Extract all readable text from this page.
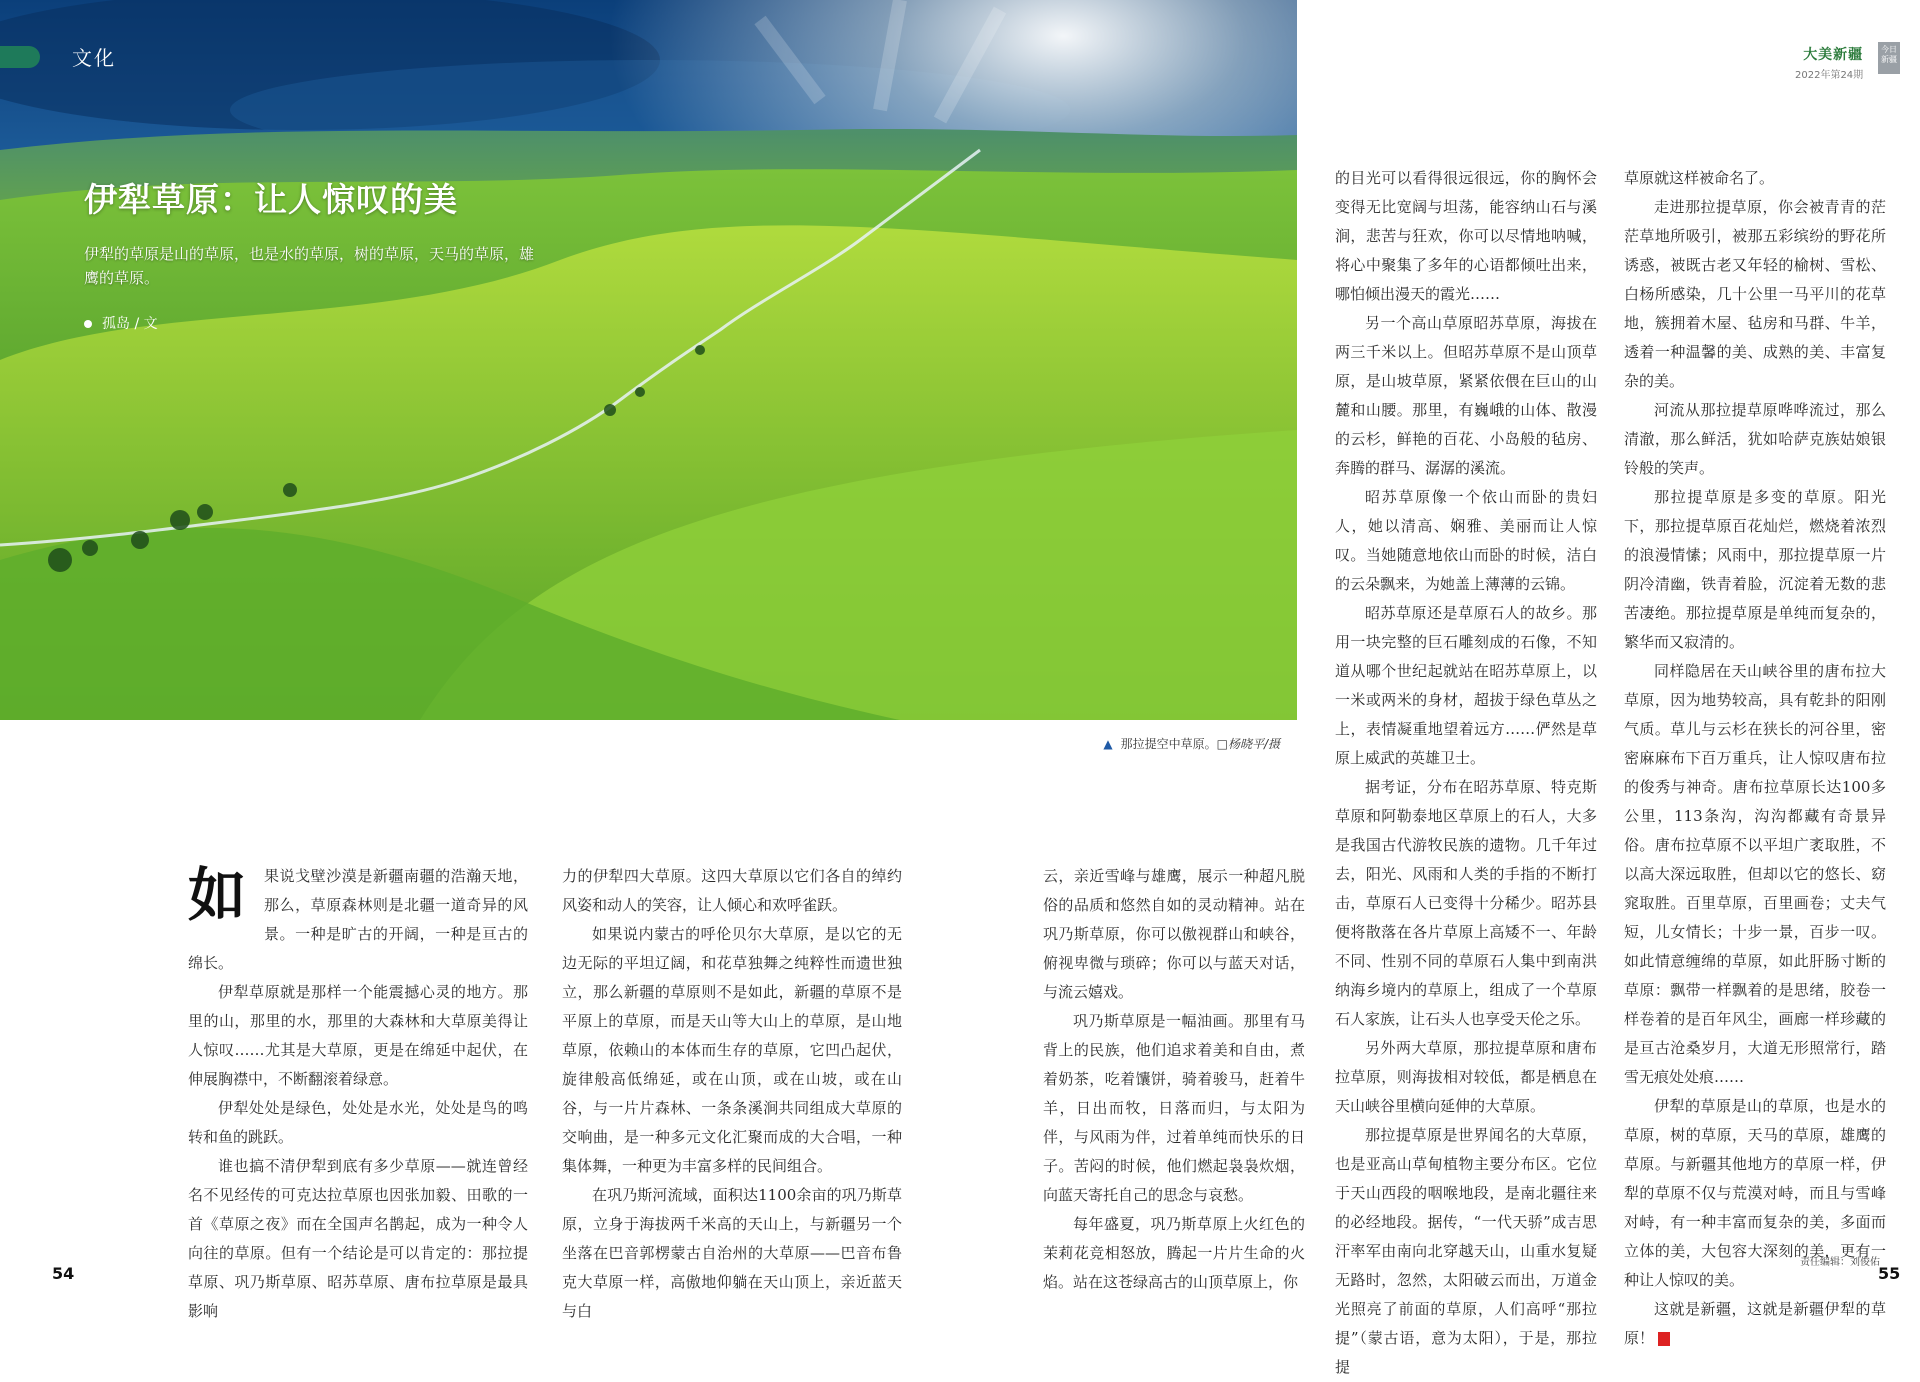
文化
伊犁草原：让人惊叹的美

伊犁的草原是山的草原，也是水的草原，树的草原，天马的草原，雄鹰的草原。

孤岛 / 文
▲ 那拉提空中草原。□杨晓平/摄
大美新疆
2022年第24期
今日新疆
如	果说戈壁沙漠是新疆南疆的浩瀚天地，那么，草原森林则是北疆一道奇异的风景。一种是旷古的开阔，一种是亘古的绵长。

伊犁草原就是那样一个能震撼心灵的地方。那里的山，那里的水，那里的大森林和大草原美得让人惊叹……尤其是大草原，更是在绵延中起伏，在伸展胸襟中，不断翻滚着绿意。

伊犁处处是绿色，处处是水光，处处是鸟的鸣转和鱼的跳跃。

谁也搞不清伊犁到底有多少草原——就连曾经名不见经传的可克达拉草原也因张加毅、田歌的一首《草原之夜》而在全国声名鹊起，成为一种令人向往的草原。但有一个结论是可以肯定的：那拉提草原、巩乃斯草原、昭苏草原、唐布拉草原是最具影响

力的伊犁四大草原。这四大草原以它们各自的绰约风姿和动人的笑容，让人倾心和欢呼雀跃。

如果说内蒙古的呼伦贝尔大草原，是以它的无边无际的平坦辽阔，和花草独舞之纯粹性而遗世独立，那么新疆的草原则不是如此，新疆的草原不是平原上的草原，而是天山等大山上的草原，是山地草原，依赖山的本体而生存的草原，它凹凸起伏，旋律般高低绵延，或在山顶，或在山坡，或在山谷，与一片片森林、一条条溪涧共同组成大草原的交响曲，是一种多元文化汇聚而成的大合唱，一种集体舞，一种更为丰富多样的民间组合。

在巩乃斯河流域，面积达1100余亩的巩乃斯草原，立身于海拔两千米高的天山上，与新疆另一个坐落在巴音郭楞蒙古自治州的大草原——巴音布鲁克大草原一样，高傲地仰躺在天山顶上，亲近蓝天与白

云，亲近雪峰与雄鹰，展示一种超凡脱俗的品质和悠然自如的灵动精神。站在巩乃斯草原，你可以傲视群山和峡谷，俯视卑微与琐碎；你可以与蓝天对话，与流云嬉戏。

巩乃斯草原是一幅油画。那里有马背上的民族，他们追求着美和自由，煮着奶茶，吃着馕饼，骑着骏马，赶着牛羊，日出而牧，日落而归，与太阳为伴，与风雨为伴，过着单纯而快乐的日子。苦闷的时候，他们燃起袅袅炊烟，向蓝天寄托自己的思念与哀愁。

每年盛夏，巩乃斯草原上火红色的茉莉花竞相怒放，腾起一片片生命的火焰。站在这苍绿高古的山顶草原上，你

的目光可以看得很远很远，你的胸怀会变得无比宽阔与坦荡，能容纳山石与溪涧，悲苦与狂欢，你可以尽情地呐喊，将心中聚集了多年的心语都倾吐出来，哪怕倾出漫天的霞光……

另一个高山草原昭苏草原，海拔在两三千米以上。但昭苏草原不是山顶草原，是山坡草原，紧紧依偎在巨山的山麓和山腰。那里，有巍峨的山体、散漫的云杉，鲜艳的百花、小岛般的毡房、奔腾的群马、潺潺的溪流。

昭苏草原像一个依山而卧的贵妇人，她以清高、娴雅、美丽而让人惊叹。当她随意地依山而卧的时候，洁白的云朵飘来，为她盖上薄薄的云锦。

昭苏草原还是草原石人的故乡。那用一块完整的巨石雕刻成的石像，不知道从哪个世纪起就站在昭苏草原上，以一米或两米的身材，超拔于绿色草丛之上，表情凝重地望着远方……俨然是草原上威武的英雄卫士。

据考证，分布在昭苏草原、特克斯草原和阿勒泰地区草原上的石人，大多是我国古代游牧民族的遗物。几千年过去，阳光、风雨和人类的手指的不断打击，草原石人已变得十分稀少。昭苏县便将散落在各片草原上高矮不一、年龄不同、性别不同的草原石人集中到南洪纳海乡境内的草原上，组成了一个草原石人家族，让石头人也享受天伦之乐。

另外两大草原，那拉提草原和唐布拉草原，则海拔相对较低，都是栖息在天山峡谷里横向延伸的大草原。

那拉提草原是世界闻名的大草原，也是亚高山草甸植物主要分布区。它位于天山西段的咽喉地段，是南北疆往来的必经地段。据传，“一代天骄”成吉思汗率军由南向北穿越天山，山重水复疑无路时，忽然，太阳破云而出，万道金光照亮了前面的草原，人们高呼“那拉提”（蒙古语，意为太阳），于是，那拉提

草原就这样被命名了。

走进那拉提草原，你会被青青的茫茫草地所吸引，被那五彩缤纷的野花所诱惑，被既古老又年轻的榆树、雪松、白杨所感染，几十公里一马平川的花草地，簇拥着木屋、毡房和马群、牛羊，透着一种温馨的美、成熟的美、丰富复杂的美。

河流从那拉提草原哗哗流过，那么清澈，那么鲜活，犹如哈萨克族姑娘银铃般的笑声。

那拉提草原是多变的草原。阳光下，那拉提草原百花灿烂，燃烧着浓烈的浪漫情愫；风雨中，那拉提草原一片阴冷清幽，铁青着脸，沉淀着无数的悲苦凄绝。那拉提草原是单纯而复杂的，繁华而又寂清的。

同样隐居在天山峡谷里的唐布拉大草原，因为地势较高，具有乾卦的阳刚气质。草儿与云杉在狭长的河谷里，密密麻麻布下百万重兵，让人惊叹唐布拉的俊秀与神奇。唐布拉草原长达100多公里，113条沟，沟沟都藏有奇景异俗。唐布拉草原不以平坦广袤取胜，不以高大深远取胜，但却以它的悠长、窈窕取胜。百里草原，百里画卷；丈夫气短，儿女情长；十步一景，百步一叹。如此情意缠绵的草原，如此肝肠寸断的草原：飘带一样飘着的是思绪，胶卷一样卷着的是百年风尘，画廊一样珍藏的是亘古沧桑岁月，大道无形照常行，踏雪无痕处处痕……

伊犁的草原是山的草原，也是水的草原，树的草原，天马的草原，雄鹰的草原。与新疆其他地方的草原一样，伊犁的草原不仅与荒漠对峙，而且与雪峰对峙，有一种丰富而复杂的美，多面而立体的美，大包容大深刻的美，更有一种让人惊叹的美。

这就是新疆，这就是新疆伊犁的草原！	丿

责任编辑：刘俊佑
54	55
